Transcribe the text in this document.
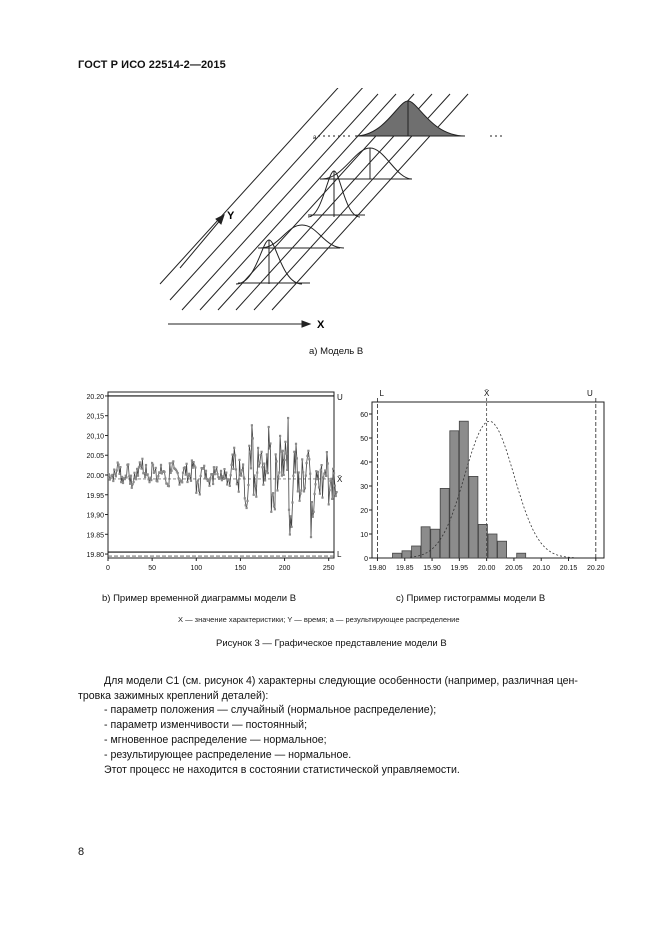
ГОСТ Р ИСО 22514-2—2015
Y
X
a
a) Модель В
20.20
20,15
20,10
20.05
20.00
19.95
19,90
19.85
19.80
0	50	100	150	200	250
U
L
X̄
b) Пример временной диаграммы модели В
60
50
40
30
20
10
0
19.80 19.85 15.90 19.95 20.00 20.05 20.10 20.15 20.20
L	U
X̄
c) Пример гистограммы модели В
X — значение характеристики; Y — время; а — результирующее распределение
Рисунок 3 — Графическое представление модели В
Для модели С1 (см. рисунок 4) характерны следующие особенности (например, различная цен-
тровка зажимных креплений деталей):
- параметр положения — случайный (нормальное распределение);
- параметр изменчивости — постоянный;
- мгновенное распределение — нормальное;
- результирующее распределение — нормальное.
Этот процесс не находится в состоянии статистической управляемости.
8
